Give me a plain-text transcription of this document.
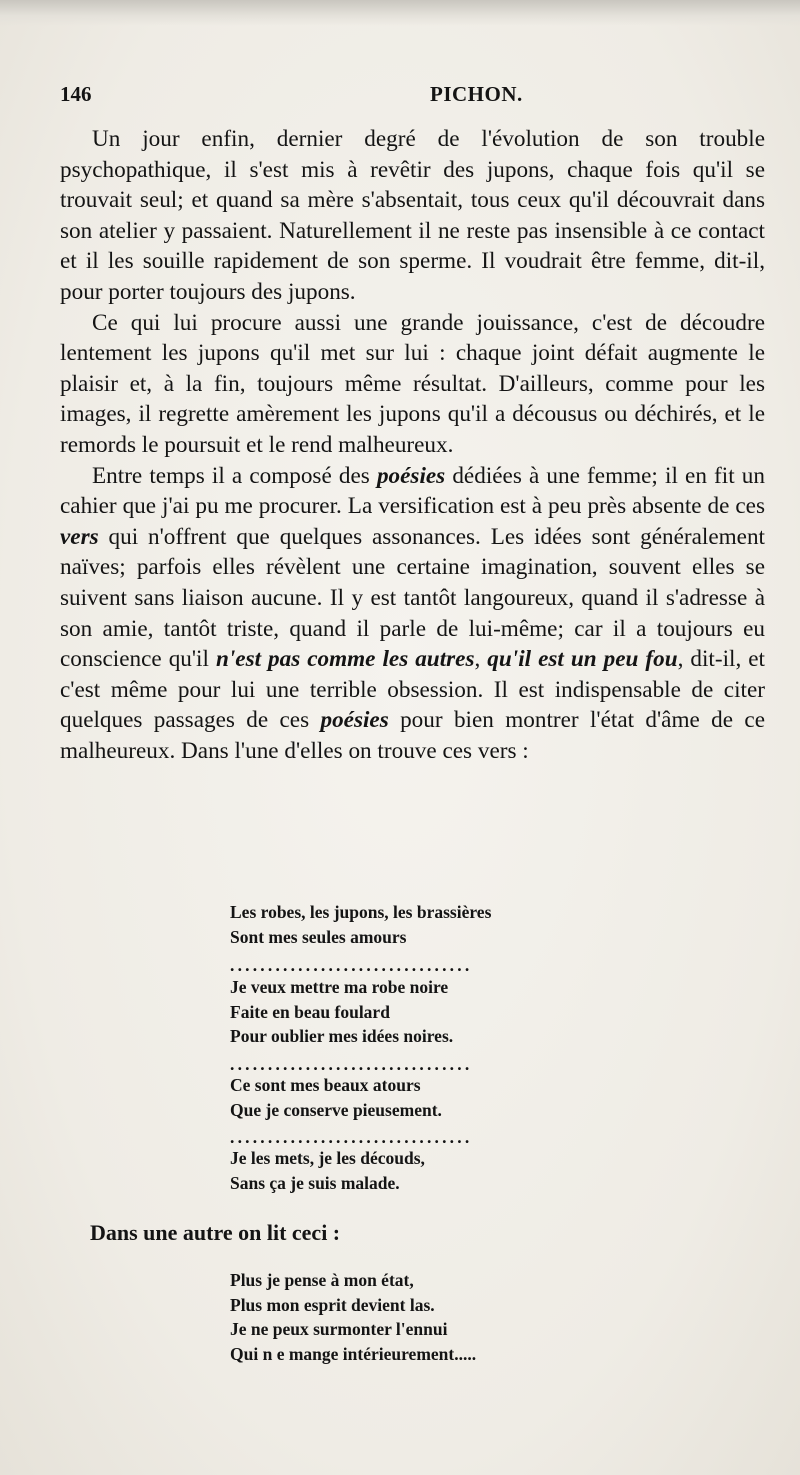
146	PICHON.

Un jour enfin, dernier degré de l'évolution de son trouble psychopathique, il s'est mis à revêtir des jupons, chaque fois qu'il se trouvait seul; et quand sa mère s'absentait, tous ceux qu'il découvrait dans son atelier y passaient. Naturellement il ne reste pas insensible à ce contact et il les souille rapidement de son sperme. Il voudrait être femme, dit-il, pour porter toujours des jupons.

Ce qui lui procure aussi une grande jouissance, c'est de découdre lentement les jupons qu'il met sur lui : chaque joint défait augmente le plaisir et, à la fin, toujours même résultat. D'ailleurs, comme pour les images, il regrette amèrement les jupons qu'il a décousus ou déchirés, et le remords le poursuit et le rend malheureux.

Entre temps il a composé des poésies dédiées à une femme; il en fit un cahier que j'ai pu me procurer. La versification est à peu près absente de ces vers qui n'offrent que quelques assonances. Les idées sont généralement naïves; parfois elles révèlent une certaine imagination, souvent elles se suivent sans liaison aucune. Il y est tantôt langoureux, quand il s'adresse à son amie, tantôt triste, quand il parle de lui-même; car il a toujours eu conscience qu'il n'est pas comme les autres, qu'il est un peu fou, dit-il, et c'est même pour lui une terrible obsession. Il est indispensable de citer quelques passages de ces poésies pour bien montrer l'état d'âme de ce malheureux. Dans l'une d'elles on trouve ces vers :

Les robes, les jupons, les brassières
Sont mes seules amours
................................
Je veux mettre ma robe noire
Faite en beau foulard
Pour oublier mes idées noires.
................................
Ce sont mes beaux atours
Que je conserve pieusement.
................................
Je les mets, je les découds,
Sans ça je suis malade.
Dans une autre on lit ceci :
Plus je pense à mon état,
Plus mon esprit devient las.
Je ne peux surmonter l'ennui
Qui n e mange intérieurement.....
